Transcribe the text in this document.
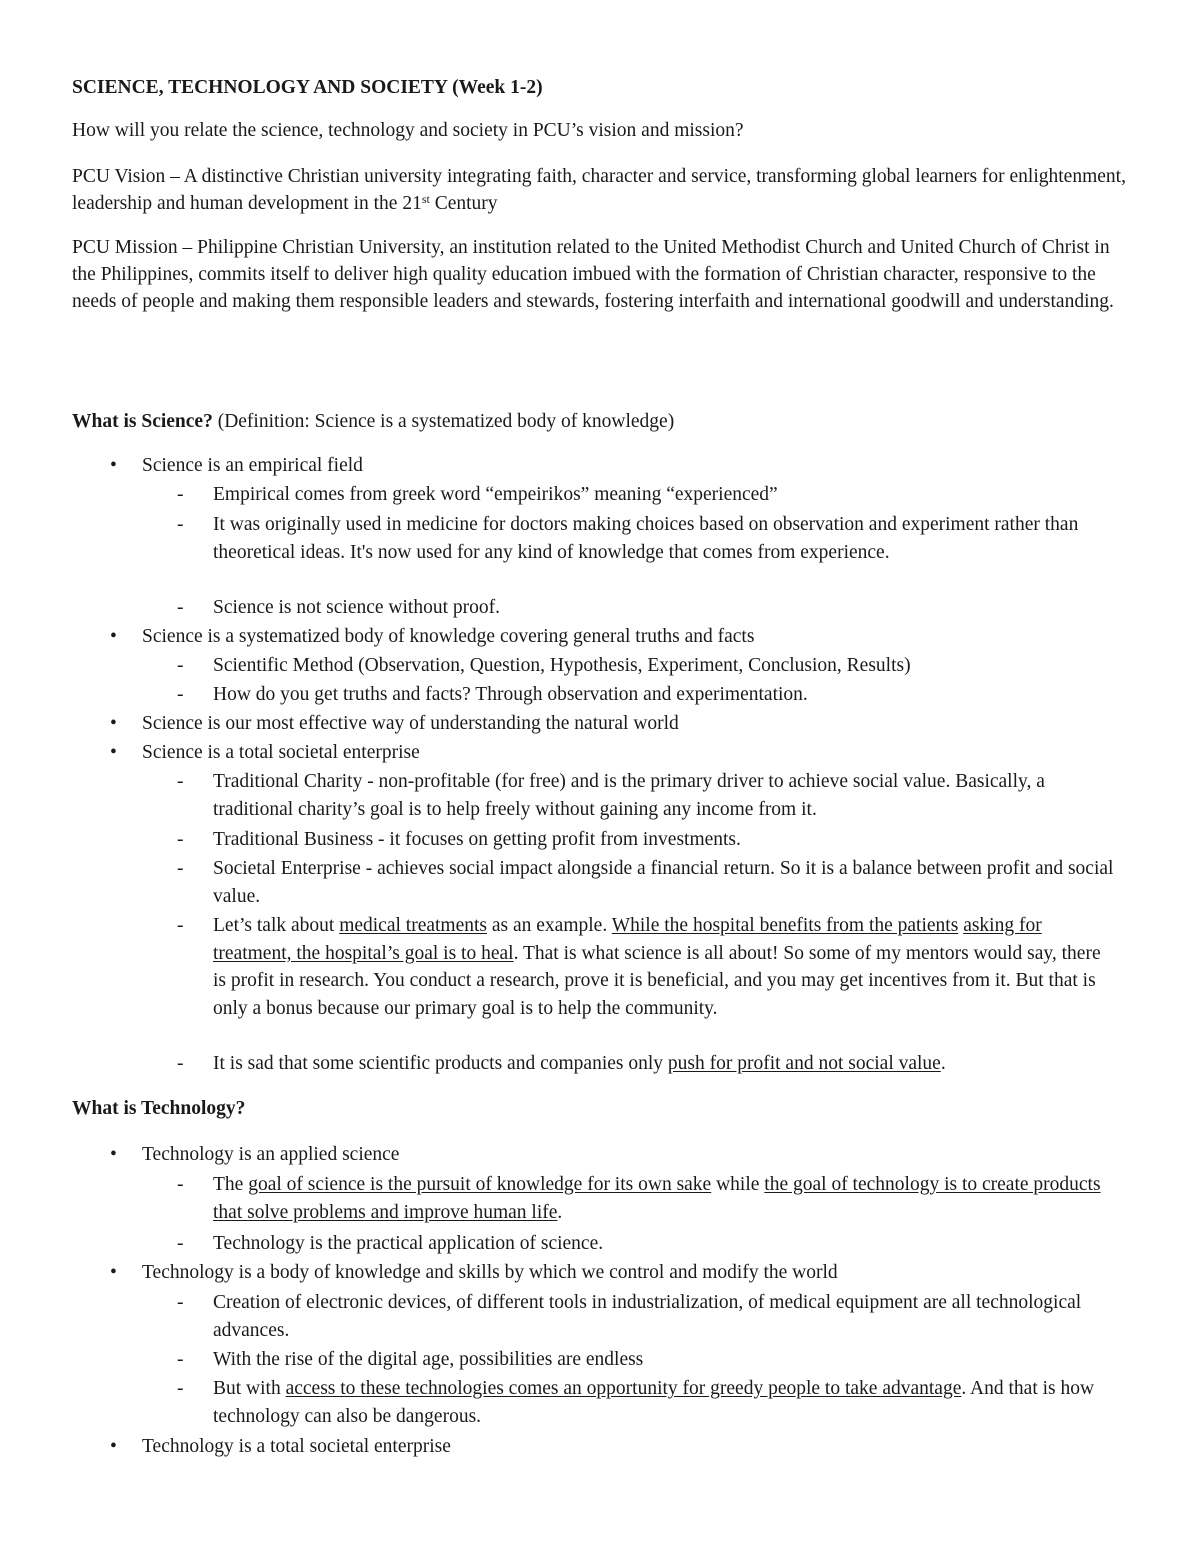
SCIENCE, TECHNOLOGY AND SOCIETY (Week 1-2)

How will you relate the science, technology and society in PCU’s vision and mission?

PCU Vision – A distinctive Christian university integrating faith, character and service, transforming global learners for enlightenment, leadership and human development in the 21st Century

PCU Mission – Philippine Christian University, an institution related to the United Methodist Church and United Church of Christ in the Philippines, commits itself to deliver high quality education imbued with the formation of Christian character, responsive to the needs of people and making them responsible leaders and stewards, fostering interfaith and international goodwill and understanding.

What is Science? (Definition: Science is a systematized body of knowledge)

• Science is an empirical field
- Empirical comes from greek word “empeirikos” meaning “experienced”
- It was originally used in medicine for doctors making choices based on observation and experiment rather than theoretical ideas. It's now used for any kind of knowledge that comes from experience.
- Science is not science without proof.
• Science is a systematized body of knowledge covering general truths and facts
- Scientific Method (Observation, Question, Hypothesis, Experiment, Conclusion, Results)
- How do you get truths and facts? Through observation and experimentation.
• Science is our most effective way of understanding the natural world
• Science is a total societal enterprise
- Traditional Charity - non-profitable (for free) and is the primary driver to achieve social value. Basically, a traditional charity’s goal is to help freely without gaining any income from it.
- Traditional Business - it focuses on getting profit from investments.
- Societal Enterprise - achieves social impact alongside a financial return. So it is a balance between profit and social value.
- Let’s talk about medical treatments as an example. While the hospital benefits from the patients asking for treatment, the hospital’s goal is to heal. That is what science is all about! So some of my mentors would say, there is profit in research. You conduct a research, prove it is beneficial, and you may get incentives from it. But that is only a bonus because our primary goal is to help the community.
- It is sad that some scientific products and companies only push for profit and not social value.

What is Technology?

• Technology is an applied science
- The goal of science is the pursuit of knowledge for its own sake while the goal of technology is to create products that solve problems and improve human life.
- Technology is the practical application of science.
• Technology is a body of knowledge and skills by which we control and modify the world
- Creation of electronic devices, of different tools in industrialization, of medical equipment are all technological advances.
- With the rise of the digital age, possibilities are endless
- But with access to these technologies comes an opportunity for greedy people to take advantage. And that is how technology can also be dangerous.
• Technology is a total societal enterprise
